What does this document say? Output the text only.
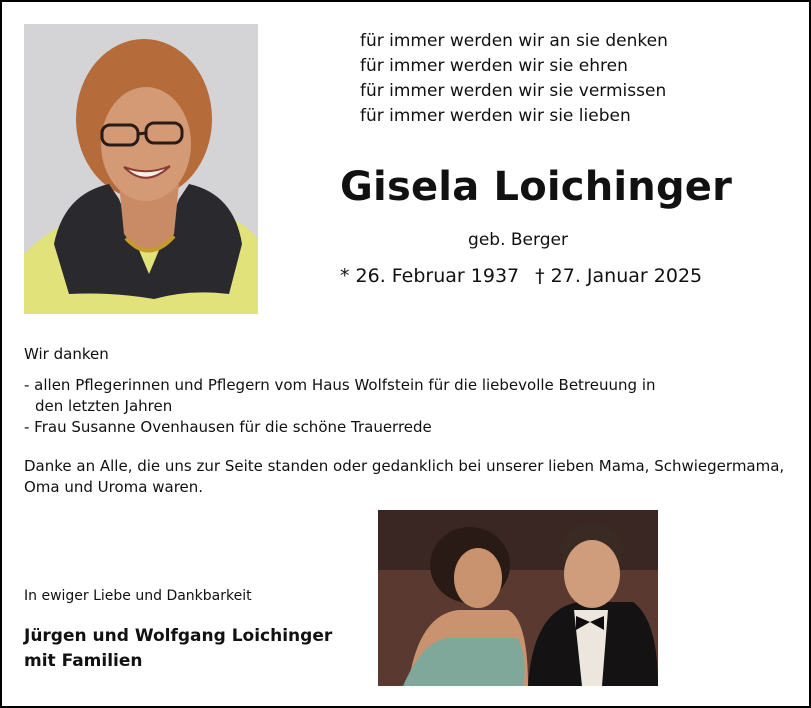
für immer werden wir an sie denken
für immer werden wir sie ehren
für immer werden wir sie vermissen
für immer werden wir sie lieben
Gisela Loichinger
geb. Berger
* 26. Februar 1937 † 27. Januar 2025
Wir danken
- allen Pflegerinnen und Pflegern vom Haus Wolfstein für die liebevolle Betreuung in
den letzten Jahren
- Frau Susanne Ovenhausen für die schöne Trauerrede
Danke an Alle, die uns zur Seite standen oder gedanklich bei unserer lieben Mama, Schwiegermama, Oma und Uroma waren.
In ewiger Liebe und Dankbarkeit
Jürgen und Wolfgang Loichinger
mit Familien
